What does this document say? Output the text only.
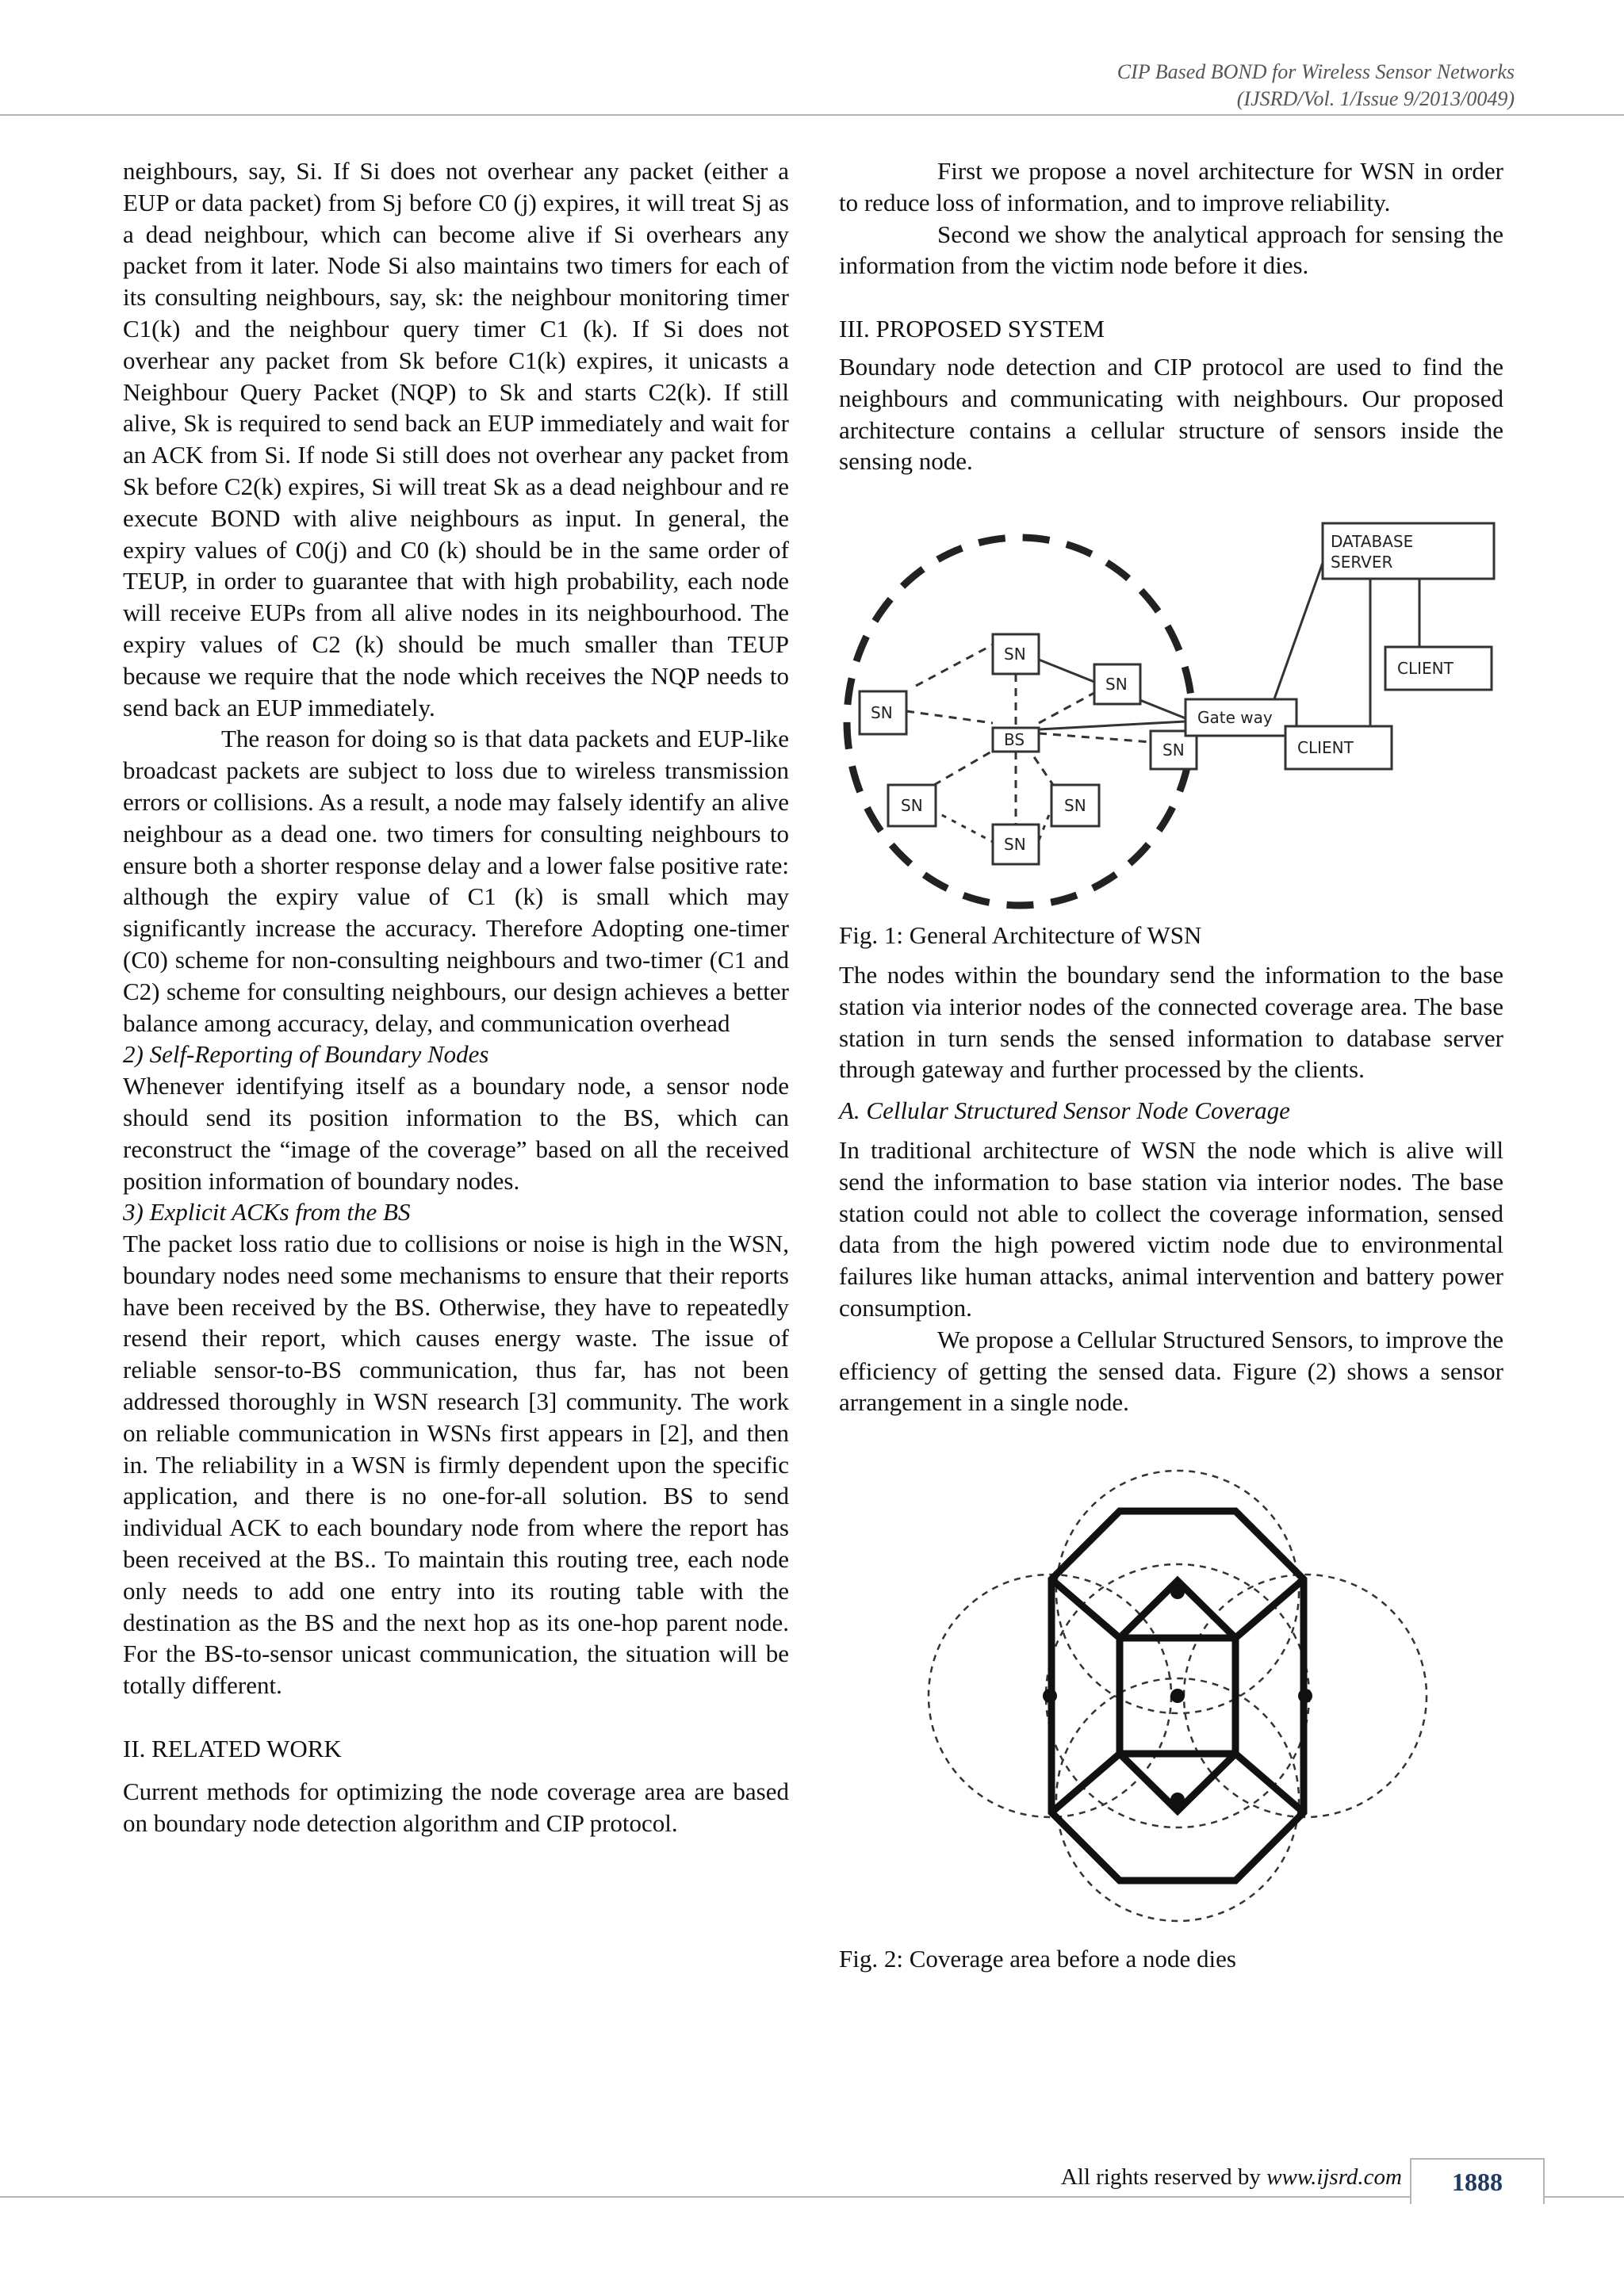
CIP Based BOND for Wireless Sensor Networks
(IJSRD/Vol. 1/Issue 9/2013/0049)

neighbours, say, Si. If Si does not overhear any packet (either a EUP or data packet) from Sj before C0 (j) expires, it will treat Sj as a dead neighbour, which can become alive if Si overhears any packet from it later. Node Si also maintains two timers for each of its consulting neighbours, say, sk: the neighbour monitoring timer C1(k) and the neighbour query timer C1 (k). If Si does not overhear any packet from Sk before C1(k) expires, it unicasts a Neighbour Query Packet (NQP) to Sk and starts C2(k). If still alive, Sk is required to send back an EUP immediately and wait for an ACK from Si. If node Si still does not overhear any packet from Sk before C2(k) expires, Si will treat Sk as a dead neighbour and re execute BOND with alive neighbours as input. In general, the expiry values of C0(j) and C0 (k) should be in the same order of TEUP, in order to guarantee that with high probability, each node will receive EUPs from all alive nodes in its neighbourhood. The expiry values of C2 (k) should be much smaller than TEUP because we require that the node which receives the NQP needs to send back an EUP immediately.

The reason for doing so is that data packets and EUP-like broadcast packets are subject to loss due to wireless transmission errors or collisions. As a result, a node may falsely identify an alive neighbour as a dead one. two timers for consulting neighbours to ensure both a shorter response delay and a lower false positive rate: although the expiry value of C1 (k) is small which may significantly increase the accuracy. Therefore Adopting one-timer (C0) scheme for non-consulting neighbours and two-timer (C1 and C2) scheme for consulting neighbours, our design achieves a better balance among accuracy, delay, and communication overhead

2) Self-Reporting of Boundary Nodes

Whenever identifying itself as a boundary node, a sensor node should send its position information to the BS, which can reconstruct the “image of the coverage” based on all the received position information of boundary nodes.

3) Explicit ACKs from the BS

The packet loss ratio due to collisions or noise is high in the WSN, boundary nodes need some mechanisms to ensure that their reports have been received by the BS. Otherwise, they have to repeatedly resend their report, which causes energy waste. The issue of reliable sensor-to-BS communication, thus far, has not been addressed thoroughly in WSN research [3] community. The work on reliable communication in WSNs first appears in [2], and then in. The reliability in a WSN is firmly dependent upon the specific application, and there is no one-for-all solution. BS to send individual ACK to each boundary node from where the report has been received at the BS.. To maintain this routing tree, each node only needs to add one entry into its routing table with the destination as the BS and the next hop as its one-hop parent node. For the BS-to-sensor unicast communication, the situation will be totally different.

II. RELATED WORK

Current methods for optimizing the node coverage area are based on boundary node detection algorithm and CIP protocol.

First we propose a novel architecture for WSN in order to reduce loss of information, and to improve reliability.

Second we show the analytical approach for sensing the information from the victim node before it dies.

III. PROPOSED SYSTEM

Boundary node detection and CIP protocol are used to find the neighbours and communicating with neighbours. Our proposed architecture contains a cellular structure of sensors inside the sensing node.

SN
SN
SN
BS
SN
SN	SN
SN
Gate way
DATABASE
SERVER
CLIENT
CLIENT

Fig. 1: General Architecture of WSN

The nodes within the boundary send the information to the base station via interior nodes of the connected coverage area. The base station in turn sends the sensed information to database server through gateway and further processed by the clients.

A. Cellular Structured Sensor Node Coverage

In traditional architecture of WSN the node which is alive will send the information to base station via interior nodes. The base station could not able to collect the coverage information, sensed data from the high powered victim node due to environmental failures like human attacks, animal intervention and battery power consumption.

We propose a Cellular Structured Sensors, to improve the efficiency of getting the sensed data. Figure (2) shows a sensor arrangement in a single node.

Fig. 2: Coverage area before a node dies

All rights reserved by www.ijsrd.com	1888
